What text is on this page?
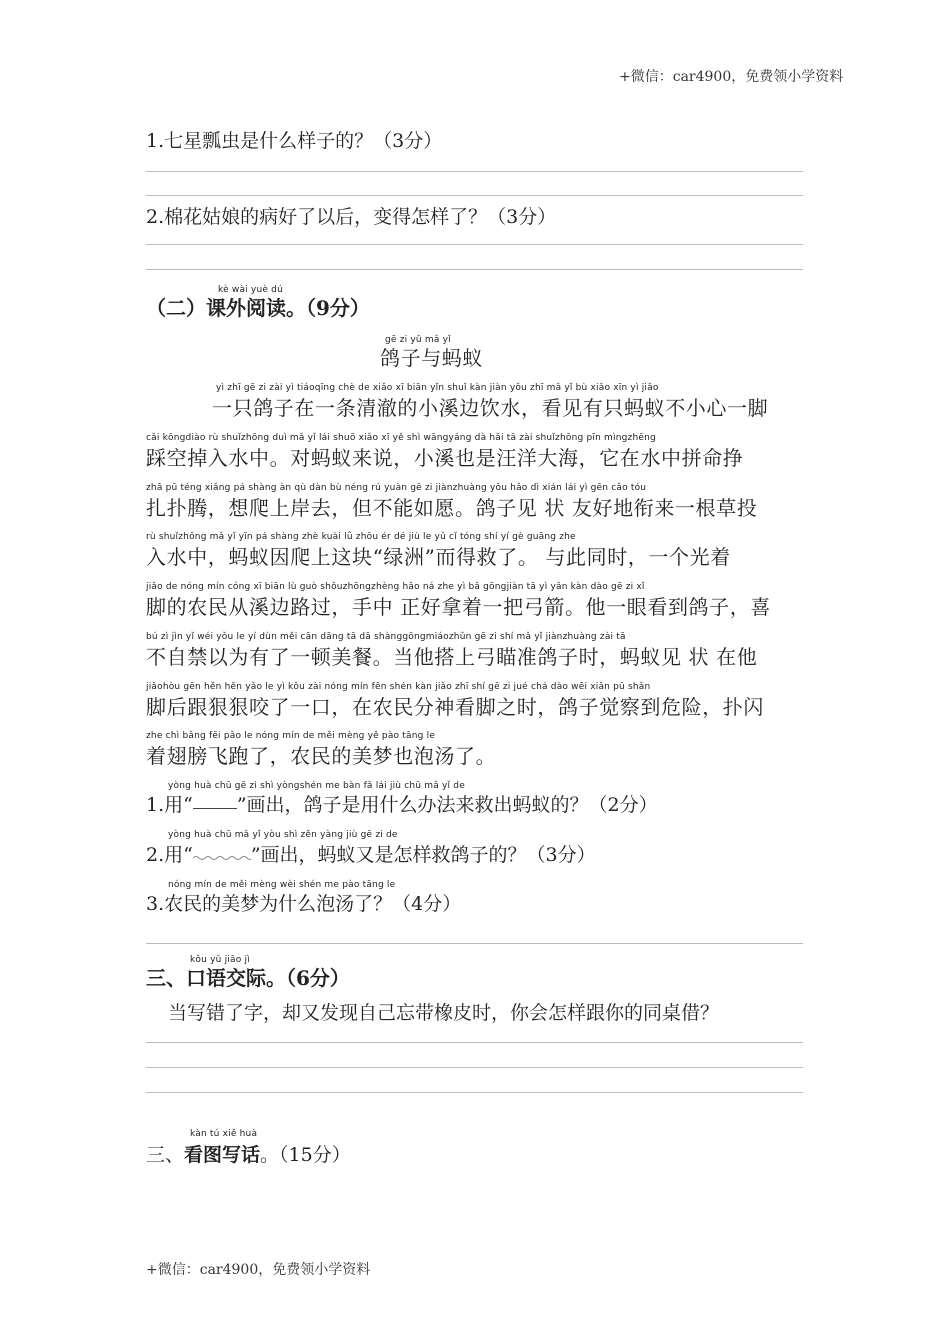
+微信：car4900，免费领小学资料
1.七星瓢虫是什么样子的？（3分）
2.棉花姑娘的病好了以后，变得怎样了？（3分）
kè wài yuè dú
（二）课外阅读。（9分）
gē zi yǔ mǎ yǐ
鸽子与蚂蚁
yì zhī gē zi zài yì tiáoqīng chè de xiǎo xī biān yǐn shuǐ kàn jiàn yǒu zhī mǎ yǐ bù xiǎo xīn yì jiǎo
一只鸽子在一条清澈的小溪边饮水，看见有只蚂蚁不小心一脚
cǎi kōngdiào rù shuǐzhōng duì mǎ yǐ lái shuō xiǎo xī yě shì wāngyáng dà hǎi tā zài shuǐzhōng pīn mìngzhēng
踩空掉入水中。对蚂蚁来说，小溪也是汪洋大海，它在水中拼命挣
zhā pū téng xiǎng pá shàng àn qù dàn bù néng rú yuàn gē zi jiànzhuàng yǒu hǎo dì xián lái yì gēn cǎo tóu
扎扑腾，想爬上岸去，但不能如愿。鸽子见 状 友好地衔来一根草投
rù shuǐzhōng mǎ yǐ yīn pá shàng zhè kuài lǜ zhōu ér dé jiù le yǔ cǐ tóng shí yí gè guāng zhe
入水中，蚂蚁因爬上这块“绿洲”而得救了。 与此同时，一个光着
jiǎo de nóng mín cóng xī biān lù guò shǒuzhōngzhèng hǎo ná zhe yì bǎ gōngjiàn tā yì yǎn kàn dào gē zi xǐ
脚的农民从溪边路过，手中 正好拿着一把弓箭。他一眼看到鸽子，喜
bú zì jìn yǐ wéi yǒu le yí dùn měi cān dāng tā dā shànggōngmiáozhǔn gē zi shí mǎ yǐ jiànzhuàng zài tā
不自禁以为有了一顿美餐。当他搭上弓瞄准鸽子时，蚂蚁见 状 在他
jiǎohòu gēn hěn hěn yǎo le yì kǒu zài nóng mín fēn shén kàn jiǎo zhī shí gē zi jué chá dào wēi xiǎn pū shǎn
脚后跟狠狠咬了一口，在农民分神看脚之时，鸽子觉察到危险，扑闪
zhe chì bǎng fēi pǎo le nóng mín de měi mèng yě pào tāng le
着翅膀飞跑了，农民的美梦也泡汤了。
yòng huà chū gē zi shì yòngshén me bàn fǎ lái jiù chū mǎ yǐ de
1.用“ ”画出，鸽子是用什么办法来救出蚂蚁的？（2分）
yòng huà chū mǎ yǐ yòu shì zěn yàng jiù gē zi de
2.用“	”画出，蚂蚁又是怎样救鸽子的？（3分）
nóng mín de měi mèng wèi shén me pào tāng le
3.农民的美梦为什么泡汤了？（4分）
kǒu yǔ jiāo jì
三、口语交际。（6分）
当写错了字，却又发现自己忘带橡皮时，你会怎样跟你的同桌借？
kàn tú xiě huà
三、看图写话。（15分）
+微信：car4900，免费领小学资料
